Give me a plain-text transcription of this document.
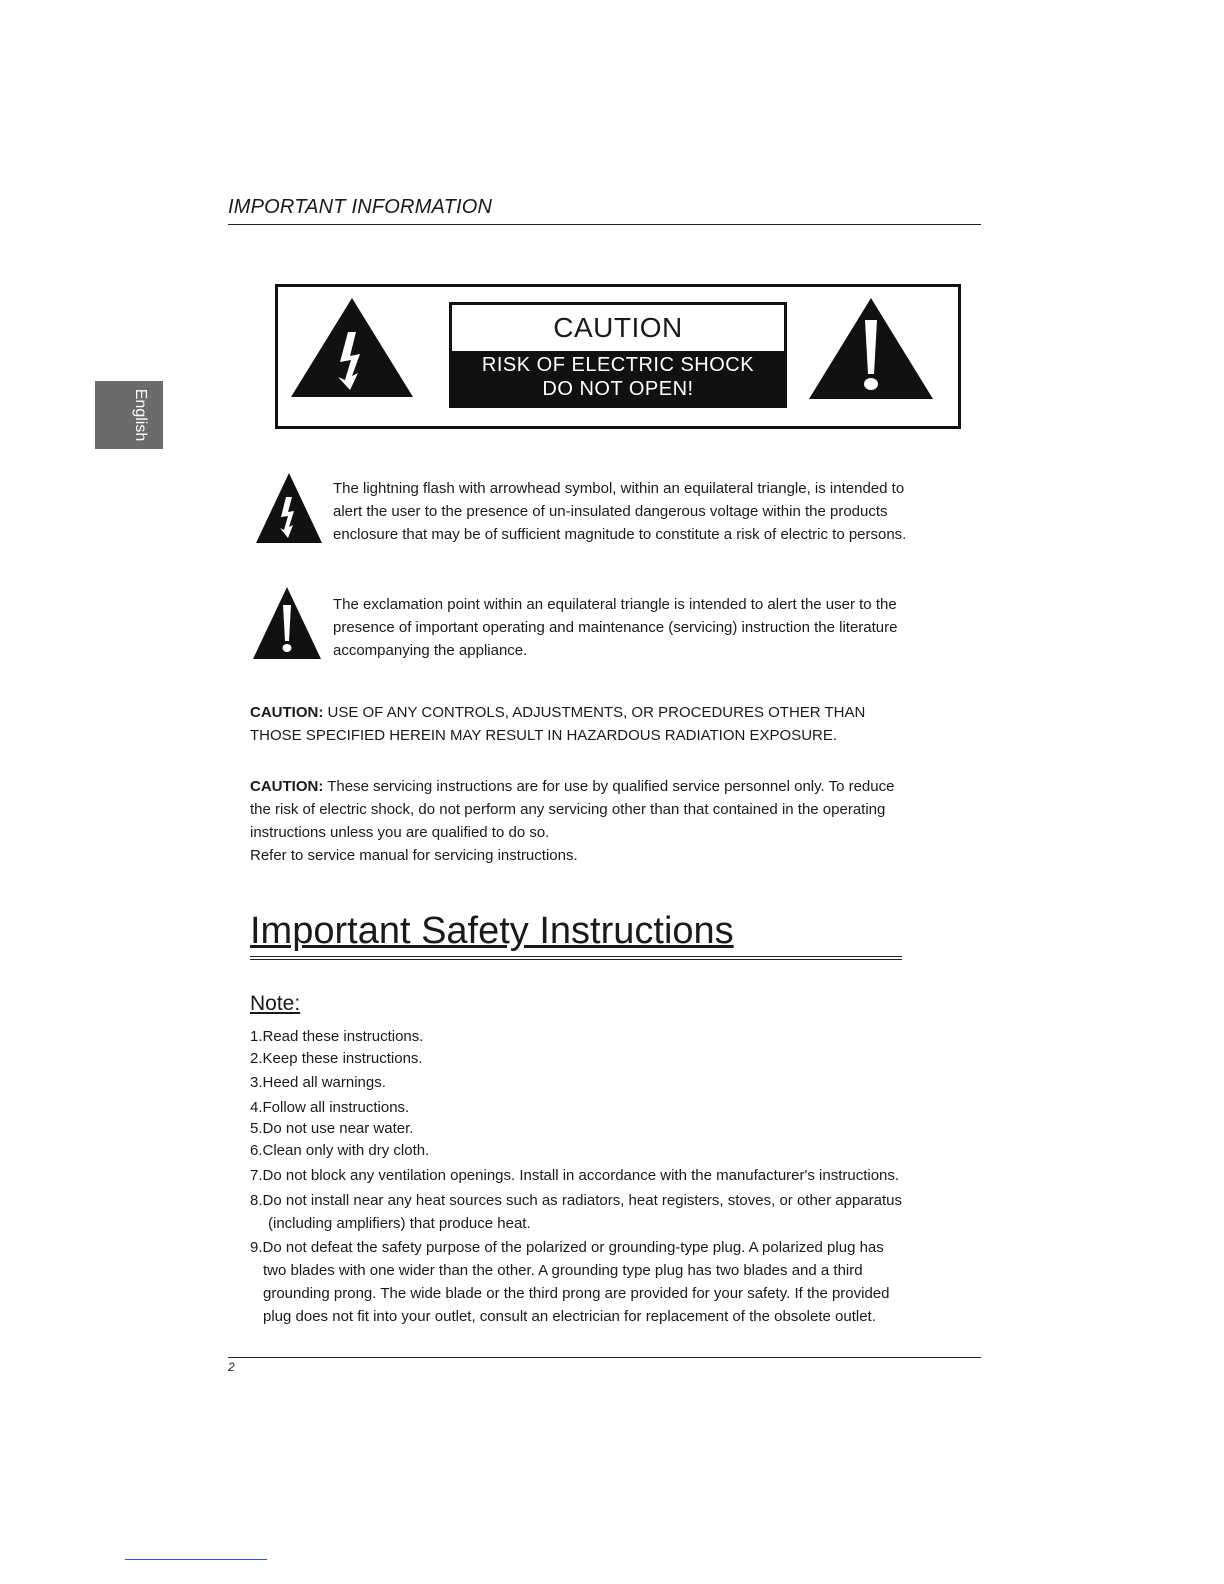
IMPORTANT INFORMATION
English
CAUTION
RISK OF ELECTRIC SHOCK
DO NOT OPEN!
The lightning flash with arrowhead symbol, within an equilateral triangle, is intended to
alert the user to the presence of un-insulated dangerous voltage within the products
enclosure that may be of sufficient magnitude to constitute a risk of electric to persons.
The exclamation point within an equilateral triangle is intended to alert the user to the
presence of important operating and maintenance (servicing) instruction the literature
accompanying the appliance.
CAUTION: USE OF ANY CONTROLS, ADJUSTMENTS, OR PROCEDURES OTHER THAN
THOSE SPECIFIED HEREIN MAY RESULT IN HAZARDOUS RADIATION EXPOSURE.
CAUTION: These servicing instructions are for use by qualified service personnel only. To reduce
the risk of electric shock, do not perform any servicing other than that contained in the operating
instructions unless you are qualified to do so.
Refer to service manual for servicing instructions.
Important Safety Instructions
Note:
1.Read these instructions.
2.Keep these instructions.
3.Heed all warnings.
4.Follow all instructions.
5.Do not use near water.
6.Clean only with dry cloth.
7.Do not block any ventilation openings. Install in accordance with the manufacturer's instructions.
8.Do not install near any heat sources such as radiators, heat registers, stoves, or other apparatus
(including amplifiers) that produce heat.
9.Do not defeat the safety purpose of the polarized or grounding-type plug. A polarized plug has
two blades with one wider than the other. A grounding type plug has two blades and a third
grounding prong. The wide blade or the third prong are provided for your safety. If the provided
plug does not fit into your outlet, consult an electrician for replacement of the obsolete outlet.
2
